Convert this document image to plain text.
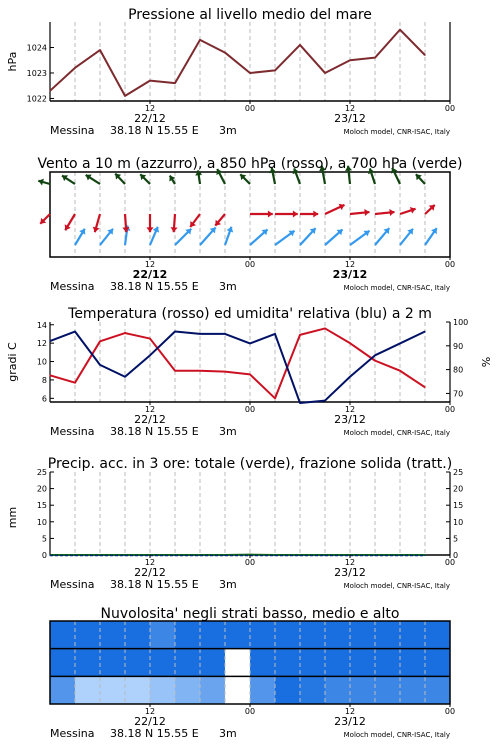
1022
1023
1024
hPa
Pressione al livello medio del mare
12	00	12	00
22/12	23/12
Messina 38.18 N 15.55 E 3m	Moloch model, CNR-ISAC, Italy
Vento a 10 m (azzurro), a 850 hPa (rosso), a 700 hPa (verde)
12	00	12	00
22/12	23/12
Messina 38.18 N 15.55 E 3m	Moloch model, CNR-ISAC, Italy
6
8
10
12
14
70
80
90
100
gradi C	%
Temperatura (rosso) ed umidita' relativa (blu) a 2 m
12	00	12	00
22/12	23/12
Messina 38.18 N 15.55 E 3m	Moloch model, CNR-ISAC, Italy
0
5
10
15
20
25
0
5
10
15
20
25
mm
Precip. acc. in 3 ore: totale (verde), frazione solida (tratt.)
12	00	12	00
22/12	23/12
Messina 38.18 N 15.55 E 3m	Moloch model, CNR-ISAC, Italy
Nuvolosita' negli strati basso, medio e alto
12	00	12	00
22/12	23/12
Messina 38.18 N 15.55 E 3m	Moloch model, CNR-ISAC, Italy
